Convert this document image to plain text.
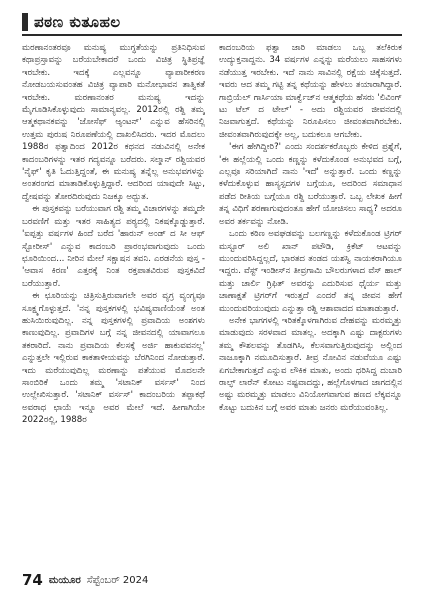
ಪಠಣ ಕುತೂಹಲ

ಮರಣಾನಂತರವೂ ಮನುಷ್ಯ ಮುಗ್ಧತೆಯನ್ನು ಪ್ರತಿನಿಧಿಸುವ ಕಥಾಪ್ರಸ್ತಾವನ್ನು ಬರೆಯಬೇಕಾದರೆ ಒಂದು ವಿಚಿತ್ರ ಸ್ಥಿತಿಪ್ರಜ್ಞೆ ಇರಬೇಕು. ಇದಕ್ಕೆ ಎಲ್ಲವನ್ನೂ ವ್ಯಾಪಾರೀಕರಣ ನೋಡಬಯಸುವಂತಹ ವಿಚಿತ್ರ ವ್ಯಾಪಾರಿ ಮನೋಭಾವನ ತಾತ್ವಿಕತೆ ಇರಬೇಕು. ಮರಣಾನಂತರ ಮನುಷ್ಯ ಇದನ್ನು ಮೈಗೂಡಿಸಿಕೊಳ್ಳುವುದು ಸಾಮಾನ್ಯವಲ್ಲ. 2012ರಲ್ಲಿ ರಶ್ದಿ ತಮ್ಮ ಆತ್ಮಕಥಾನಕವನ್ನು 'ಜೋಸೆಫ್ ಆ್ಯಂಟನ್' ಎನ್ನುವ ಹೆಸರಿನಲ್ಲಿ ಉತ್ತಮ ಪುರುಷ ನಿರೂಪಣೆಯಲ್ಲಿ ದಾಖಲಿಸಿದರು. ಇದರ ಮೊದಲು 1988ರ ಫತ್ವಾದಿಂದ 2012ರ ಕಥನದ ನಡುವಿನಲ್ಲಿ ಅನೇಕ ಕಾದಂಬರಿಗಳನ್ನು ಇತರ ಗದ್ಯವನ್ನೂ ಬರೆದರು. ಸಲ್ಮಾನ್ ರಶ್ದಿಯವರ 'ನೈಫ್' ಕೃತಿ ಓದುತ್ತಿದ್ದಂತೆ, ಈ ಮನುಷ್ಯ ತನ್ನೆಲ್ಲ ಅನುಭವಗಳನ್ನು ಅಂತರಂಗದ ಮಾತಾಡಿಕೊಳ್ಳುತ್ತಿದ್ದಾರೆ. ಆದರಿಂದ ಯಾವುದೇ ಸಿಟ್ಟು, ದ್ವೇಷವನ್ನು ತೋರದಿರುವುದು ನಿಜಕ್ಕೂ ಅದ್ಭುತ.

ಈ ಪುಸ್ತಕವನ್ನು ಬರೆಯುವಾಗ ರಶ್ದಿ ತಮ್ಮ ವಿಚಾರಗಳನ್ನು ತಮ್ಮದೇ ಬರವಣಿಗೆ ಮತ್ತು ಇತರ ಸಾಹಿತ್ಯದ ಪಠ್ಯದಲ್ಲಿ ನಿಕಷಕ್ಕೊಡ್ಡುತ್ತಾರೆ. 'ಐಪ್ಪತ್ತು ವರ್ಷಗಳ ಹಿಂದೆ ಬರೆದ 'ಹಾರುನ್ ಅಂಡ್ ದ ಸೀ ಆಫ್ ಸ್ಟೋರೀಸ್' ಎನ್ನುವ ಕಾದಂಬರಿ ಪ್ರಾರಂಭವಾಗುವುದು ಒಂದು ಛೂರಿಯಿಂದ... ನೀರಿನ ಮೇಲೆ ಸಕ್ಷಾಷನ ತವನಿ. ಎರಡನೆಯ ಪುಸ್ತ - 'ಆವಾಸ ಕಿರಣ' ಎತ್ತರಕ್ಕೆ ನಿಂತ ರಕ್ತಪಾತವಿರುವ ಪುಸ್ತಕವಿದೆ ಬರೆಯುತ್ತಾರೆ.

ಈ ಛೂರಿಯನ್ನು ಚಿತ್ರಿಸುತ್ತಿರುವಾಗಲೇ ಅವರ ವ್ಯಗ್ರ ವ್ಯಂಗ್ಯವೂ ಸೂಕ್ಷ್ಮಗೊಳ್ಳುತ್ತದೆ. 'ನನ್ನ ಪುಸ್ತಕಗಳಲ್ಲಿ ಭವಿಷ್ಯವಾಣಿಯೆಂತೆ ಅಂತ ಹುಸಿಯಿರುವುದಿಲ್ಲ. ನನ್ನ ಪುಸ್ತಕಗಳಲ್ಲಿ ಪ್ರವಾದಿಯ ಅಂಶಗಳು ಕಾಣುವುದಿಲ್ಲ. ಪ್ರವಾದಿಗಳ ಬಗ್ಗೆ ನನ್ನ ಜೀವನದಲ್ಲಿ ಯಾವಾಗಲೂ ತಕರಾರಿದೆ. ನಾನು ಪ್ರವಾದಿಯ ಕೆಲಸಕ್ಕೆ ಅರ್ಜಿ ಹಾಕುವವನಲ್ಲ' ಎನ್ನುತ್ತಲೇ ಇಲ್ಲಿರುವ ಕಾಕತಾಳೀಯವನ್ನು ಬೆರಗಿನಿಂದ ನೋಡುತ್ತಾರೆ. ಇದು ಮರೆಯುವುದಿಲ್ಲ ಮರಣಾನ್ನು ಪತೆಯುವ ಮೊದಲನೇ ಸಾಂಬಿರಿಕೆ ಒಂದು ತಮ್ಮ 'ಸಟಾನಿಕ್ ವರ್ಸಸ್' ನಿಂದ ಉಲ್ಲೇಖಿಸುತ್ತಾರೆ. 'ಸಟಾನಿಕ್ ವರ್ಸಸ್' ಕಾದಂಬರಿಯ ತಪ್ಪಾಕಥೆ ಅವರಾಧ ಛಾಯೆ ಇನ್ನೂ ಅವರ ಮೇಲೆ ಇದೆ. ಹೀಗಾಗಿಯೇ 2022ರಲ್ಲಿ, 1988ರ

ಕಾದಂಬರಿಯ ಫತ್ವಾ ಜಾರಿ ಮಾಡಲು ಒಬ್ಬ ತಲೆಕಿರುಕ ಉದ್ಯುಕ್ತನಾದ್ದನು. 34 ವರ್ಷಗಳ ಎನ್ನನ್ನು ಮರೆಯಲು ಸಾಹಸಗಳು ನಡೆಯುತ್ತ ಇರಬೇಕು. ಇದೆ ನಾನು ಸಾವಿನಲ್ಲಿ ರಕ್ಷೆಯ ಚಿಕ್ಕೆಸುತ್ತದೆ. ಇವರು ಆದ ತಮ್ಮ ಗಟ್ಟಿ ತನ್ನ ಕಥೆಯನ್ನು ಹೇಳಲು ತಯಾರಾಗಿದ್ದಾರೆ. ಗಾಬ್ರಿಯೆಲ್ ಗಾರ್ಸಿಯಾ ಮಾರ್ಕ್ವೆಜ್‌ನ ಆತ್ಮಕಥೆಯ ಹೆಸರು 'ಲಿವಿಂಗ್ ಟು ಟೆಲ್ ದ ಟೇಲ್' - ಅದು ರಶ್ದಿಯವರ ಜೀವನದಲ್ಲಿ ನಿಜವಾಗುತ್ತದೆ. ಕಥೆಯನ್ನು ನಿರೂಪಿಸಲು ಜೀವಂತವಾಗಿರಬೇಕು. ಜೀವಂತವಾಗಿರುವುದಕ್ಕೇ ಅಲ್ಲ, ಬದುಕಲೂ ಆಗಬೇಕು.

'ಈಗ ಹೇಗಿದ್ದೀರಿ?' ಎಂದು ಸಂದರ್ಶಕರೊಬ್ಬರು ಕೇಳಿದ ಪ್ರಶ್ನೆಗೆ, 'ಈ ಹಲ್ಲೆಯಲ್ಲಿ ಒಂದು ಕಣ್ಣನ್ನು ಕಳೆದುಕೊಂಡ ಅನುಭವದ ಬಗ್ಗೆ, ಎಲ್ಲವೂ ಸರಿಯಾಗಿದೆ ನಾನು 'ಇದೆ' ಅನ್ನುತ್ತಾರೆ. ಒಂದು ಕಣ್ಣನ್ನು ಕಳೆದುಕೊಳ್ಳುವ ಹಾಸ್ಯಸ್ಪದಗಳ ಬಗ್ಗೆಯೂ, ಅದರಿಂದ ಸಮಾಧಾನ ಪಡೆದ ರೀತಿಯ ಬಗ್ಗೆಯೂ ರಶ್ದಿ ಬರೆಯುತ್ತಾರೆ. ಒಬ್ಬ ಲೇಖಕ ಹೀಗೆ ತನ್ನ ವಿಧಿಗೆ ಶರಣಾಗುವುದಂತೂ ಹೇಗೆ ಯೋಚಿಸಲು ಸಾಧ್ಯ? ಅದರೂ ಅವರ ತರ್ಕವನ್ನು ನೋಡಿ.

ಒಂದು ಕಠಿಣ ಅವಘಡವನ್ನು ಬಲಗಣ್ಣನ್ನು ಕಳೆದುಕೊಂಡ ಟ್ರಿಗರ್ ಮಸ್ಟೂರ್ ಅಲಿ ಖಾನ್ ಪಟೌಡಿ, ಕ್ರಿಕೆಟ್ ಆಟವನ್ನು ಮುಂದುವರಿಸಿದ್ದಲ್ಲದೆ, ಭಾರತದ ತಂಡದ ಯಶಸ್ವಿ ನಾಯಕರಾಗಿಯೂ ಇದ್ದರು. ವೆಸ್ಟ್ ಇಂಡೀಸ್‌ನ ತೀವ್ರಗಾಮಿ ಬೌಲರುಗಳಾದ ವೆಸ್ ಹಾಲ್ ಮತ್ತು ಚಾರ್ಲಿ ಗ್ರಿಫಿತ್ ಅವರನ್ನು ಎದುರಿಸುವ ಧೈರ್ಯ ಮತ್ತು ಚಾಣಾಕ್ಷತೆ ಟ್ರಿಗರ್‌ಗೆ ಇರುತ್ತದೆ ಎಂದರೆ ತನ್ನ ಜೀವನ ಹೇಗೆ ಮುಂದುವರಿಯುವುದು ಎನ್ನುತ್ತಾ ರಶ್ದಿ ಆಶಾವಾದದ ಮಾತಾಡುತ್ತಾರೆ.

ಅನೇಕ ಭಾಗಗಳಲ್ಲಿ ಇರಿತಕ್ಕೊಳಗಾಗಿರುವ ದೇಹವನ್ನು ಮರಮ್ಮತ್ತು ಮಾಡುವುದು ಸರಳವಾದ ಮಾತಲ್ಲ. ಅದಕ್ಕಾಗಿ ಎಷ್ಟು ದಾಕ್ಟರುಗಳು ತಮ್ಮ ಕೌಶಲವನ್ನು ತೊಡಗಿಸಿ, ಕೆಲಸವಾಗುತ್ತಿರುವುದನ್ನು ಅಲ್ಲಿಂದ ನಾಜೂಕ್ಕಾಗಿ ನಮೂದಿಸುತ್ತಾರೆ. ತೀವ್ರ ನೋವಿನ ನಡುವೆಯೂ ಎಷ್ಟು ಏಗಬೇಕಾಗುತ್ತದೆ ಎನ್ನುವ ಲೌಕಿಕ ಮಾತು, ಅಂದು ಧರಿಸಿದ್ದ ದುಬಾರಿ ರಾಲ್ಫ್ ಲಾರೆನ್ ಕೋಟು ನಷ್ಟವಾದದ್ದು, ಹಲ್ಲೆಗೊಳಗಾದ ಜಾಗದಲ್ಲಿನ ಅಷ್ಟು ಮರಮ್ಮತ್ತು ಮಾಡಲು ವಿನಿಯೋಗವಾಗುವ ಹಣದ ಲೆಕ್ಕವನ್ನೂ ಕೊಟ್ಟು ಬದುಕಿನ ಬಗ್ಗೆ ಅವರ ಮಾತು ಜನರು ಮರೆಯುವಂತಿಲ್ಲ.

74 ಮಯೂರ ಸೆಪ್ಟೆಂಬರ್ 2024
